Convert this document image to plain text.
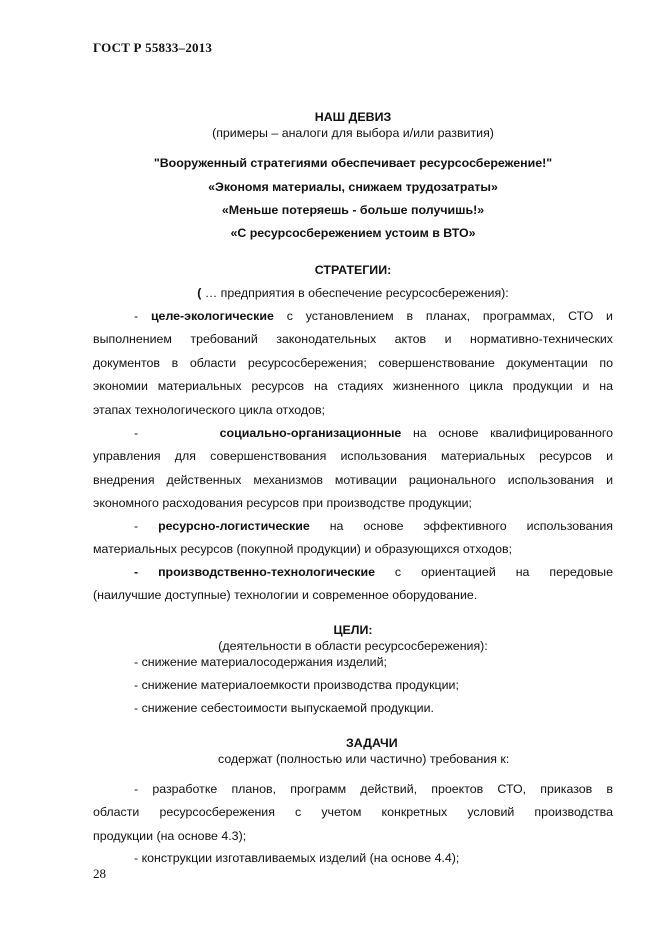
ГОСТ Р 55833–2013
НАШ ДЕВИЗ
(примеры – аналоги для выбора и/или развития)
"Вооруженный стратегиями обеспечивает ресурсосбережение!"
«Экономя материалы, снижаем трудозатраты»
«Меньше потеряешь - больше получишь!»
«С ресурсосбережением устоим в ВТО»
СТРАТЕГИИ:
( … предприятия в обеспечение ресурсосбережения):
- целе-экологические с установлением в планах, программах, СТО и
выполнением требований законодательных актов и нормативно-технических
документов в области ресурсосбережения; совершенствование документации по
экономии материальных ресурсов на стадиях жизненного цикла продукции и на
этапах технологического цикла отходов;
-	социально-организационные на основе квалифицированного
управления для совершенствования использования материальных ресурсов и
внедрения действенных механизмов мотивации рационального использования и
экономного расходования ресурсов при производстве продукции;
- ресурсно-логистические на основе эффективного использования
материальных ресурсов (покупной продукции) и образующихся отходов;
- производственно-технологические с ориентацией на передовые
(наилучшие доступные) технологии и современное оборудование.
ЦЕЛИ:
(деятельности в области ресурсосбережения):
- снижение материалосодержания изделий;
- снижение материалоемкости производства продукции;
- снижение себестоимости выпускаемой продукции.
ЗАДАЧИ
содержат (полностью или частично) требования к:
- разработке планов, программ действий, проектов СТО, приказов в
области ресурсосбережения с учетом конкретных условий производства
продукции (на основе 4.3);
- конструкции изготавливаемых изделий (на основе 4.4);
28
